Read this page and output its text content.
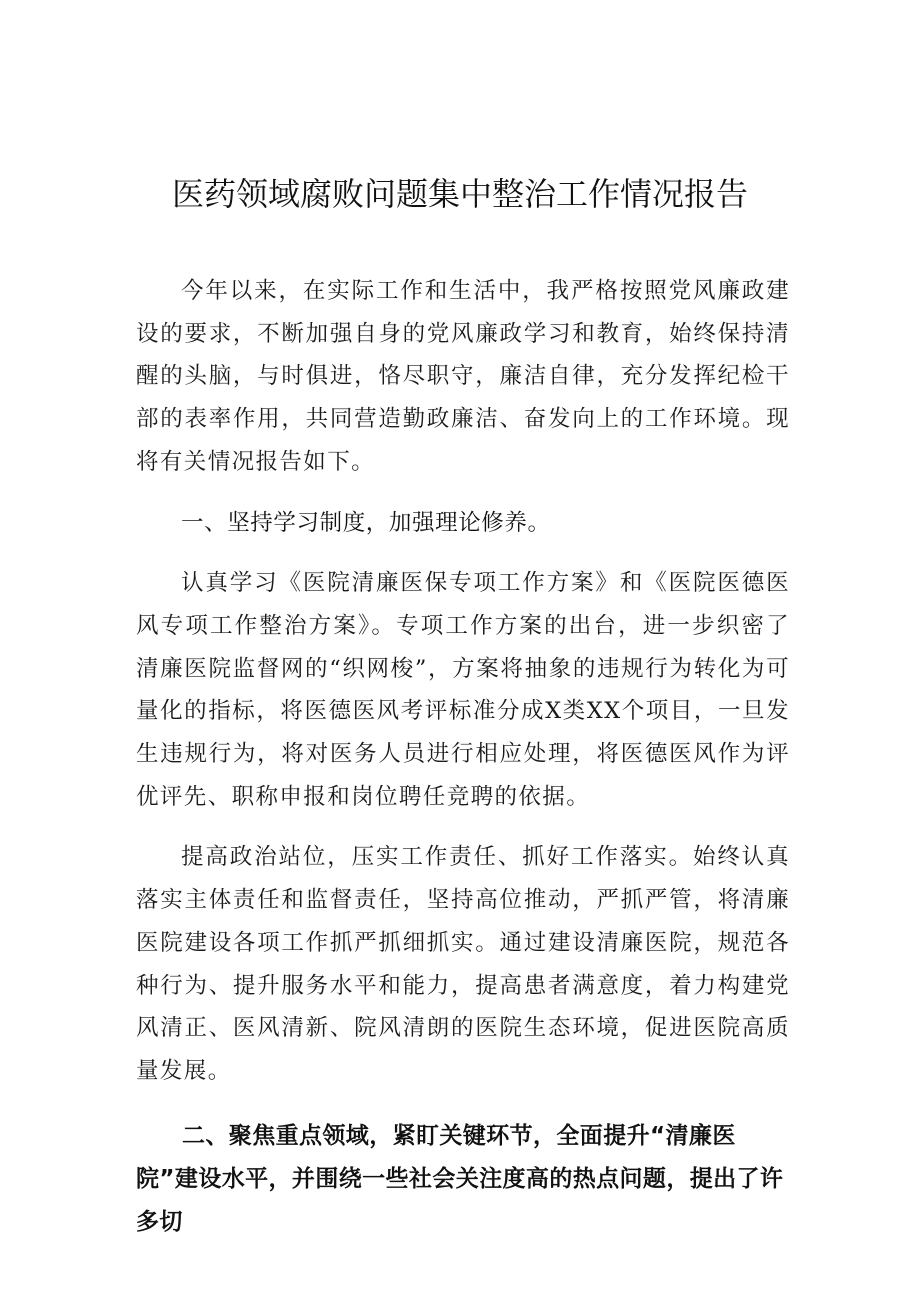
医药领域腐败问题集中整治工作情况报告

今年以来，在实际工作和生活中，我严格按照党风廉政建设的要求，不断加强自身的党风廉政学习和教育，始终保持清醒的头脑，与时俱进，恪尽职守，廉洁自律，充分发挥纪检干部的表率作用，共同营造勤政廉洁、奋发向上的工作环境。现将有关情况报告如下。

一、坚持学习制度，加强理论修养。

认真学习《医院清廉医保专项工作方案》和《医院医德医风专项工作整治方案》。专项工作方案的出台，进一步织密了清廉医院监督网的“织网梭”，方案将抽象的违规行为转化为可量化的指标，将医德医风考评标准分成X类XX个项目，一旦发生违规行为，将对医务人员进行相应处理，将医德医风作为评优评先、职称申报和岗位聘任竞聘的依据。

提高政治站位，压实工作责任、抓好工作落实。始终认真落实主体责任和监督责任，坚持高位推动，严抓严管，将清廉医院建设各项工作抓严抓细抓实。通过建设清廉医院，规范各种行为、提升服务水平和能力，提高患者满意度，着力构建党风清正、医风清新、院风清朗的医院生态环境，促进医院高质量发展。

二、聚焦重点领域，紧盯关键环节，全面提升“清廉医院”建设水平，并围绕一些社会关注度高的热点问题，提出了许多切
